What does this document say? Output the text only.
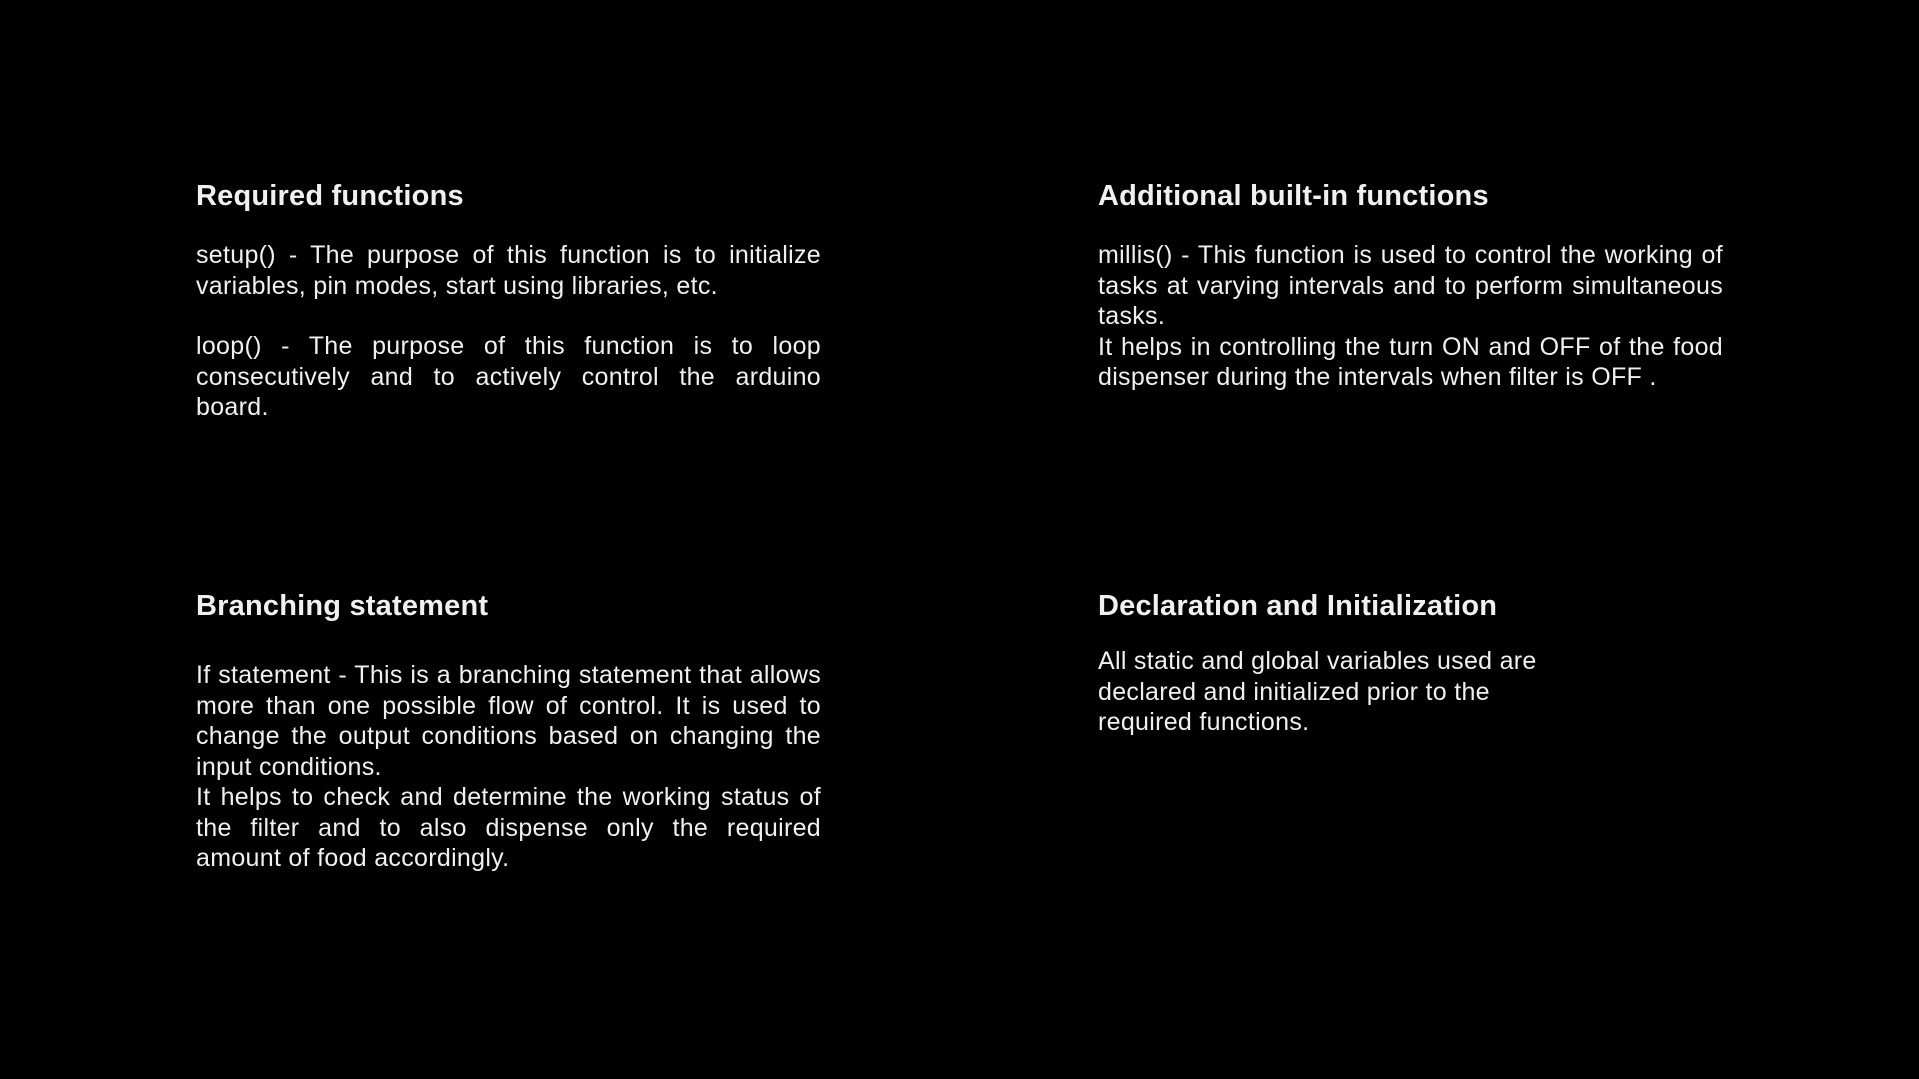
Required functions

setup() - The purpose of this function is to initialize variables, pin modes, start using libraries, etc.

loop() - The purpose of this function is to loop consecutively and to actively control the arduino board.

Additional built-in functions

millis() - This function is used to control the working of tasks at varying intervals and to perform simultaneous tasks.

It helps in controlling the turn ON and OFF of the food dispenser during the intervals when filter is OFF .

Branching statement

If statement - This is a branching statement that allows more than one possible flow of control. It is used to change the output conditions based on changing the input conditions.

It helps to check and determine the working status of the filter and to also dispense only the required amount of food accordingly.

Declaration and Initialization

All static and global variables used are declared and initialized prior to the required functions.
